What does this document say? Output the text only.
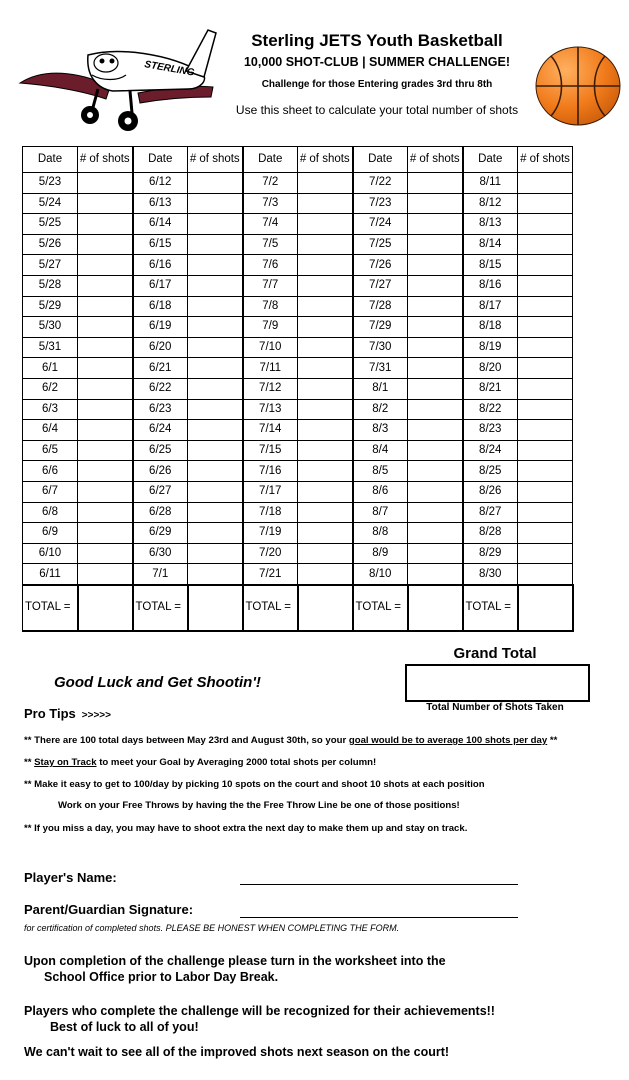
STERLING
Sterling JETS Youth Basketball
10,000 SHOT-CLUB | SUMMER CHALLENGE!
Challenge for those Entering grades 3rd thru 8th
Use this sheet to calculate your total number of shots
Date	# of shots	Date	# of shots	Date	# of shots	Date	# of shots	Date	# of shots
5/23		6/12		7/2		7/22		8/11	
5/24		6/13		7/3		7/23		8/12	
5/25		6/14		7/4		7/24		8/13	
5/26		6/15		7/5		7/25		8/14	
5/27		6/16		7/6		7/26		8/15	
5/28		6/17		7/7		7/27		8/16	
5/29		6/18		7/8		7/28		8/17	
5/30		6/19		7/9		7/29		8/18	
5/31		6/20		7/10		7/30		8/19	
6/1		6/21		7/11		7/31		8/20	
6/2		6/22		7/12		8/1		8/21	
6/3		6/23		7/13		8/2		8/22	
6/4		6/24		7/14		8/3		8/23	
6/5		6/25		7/15		8/4		8/24	
6/6		6/26		7/16		8/5		8/25	
6/7		6/27		7/17		8/6		8/26	
6/8		6/28		7/18		8/7		8/27	
6/9		6/29		7/19		8/8		8/28	
6/10		6/30		7/20		8/9		8/29	
6/11		7/1		7/21		8/10		8/30	
TOTAL =		TOTAL =		TOTAL =		TOTAL =		TOTAL =	
Grand Total
Total Number of Shots Taken
Good Luck and Get Shootin'!
Pro Tips >>>>>
** There are 100 total days between May 23rd and August 30th, so your goal would be to average 100 shots per day **
** Stay on Track to meet your Goal by Averaging 2000 total shots per column!
** Make it easy to get to 100/day by picking 10 spots on the court and shoot 10 shots at each position
Work on your Free Throws by having the the Free Throw Line be one of those positions!
** If you miss a day, you may have to shoot extra the next day to make them up and stay on track.
Player's Name:
Parent/Guardian Signature:
for certification of completed shots. PLEASE BE HONEST WHEN COMPLETING THE FORM.
Upon completion of the challenge please turn in the worksheet into the
School Office prior to Labor Day Break.
Players who complete the challenge will be recognized for their achievements!!
Best of luck to all of you!
We can't wait to see all of the improved shots next season on the court!
